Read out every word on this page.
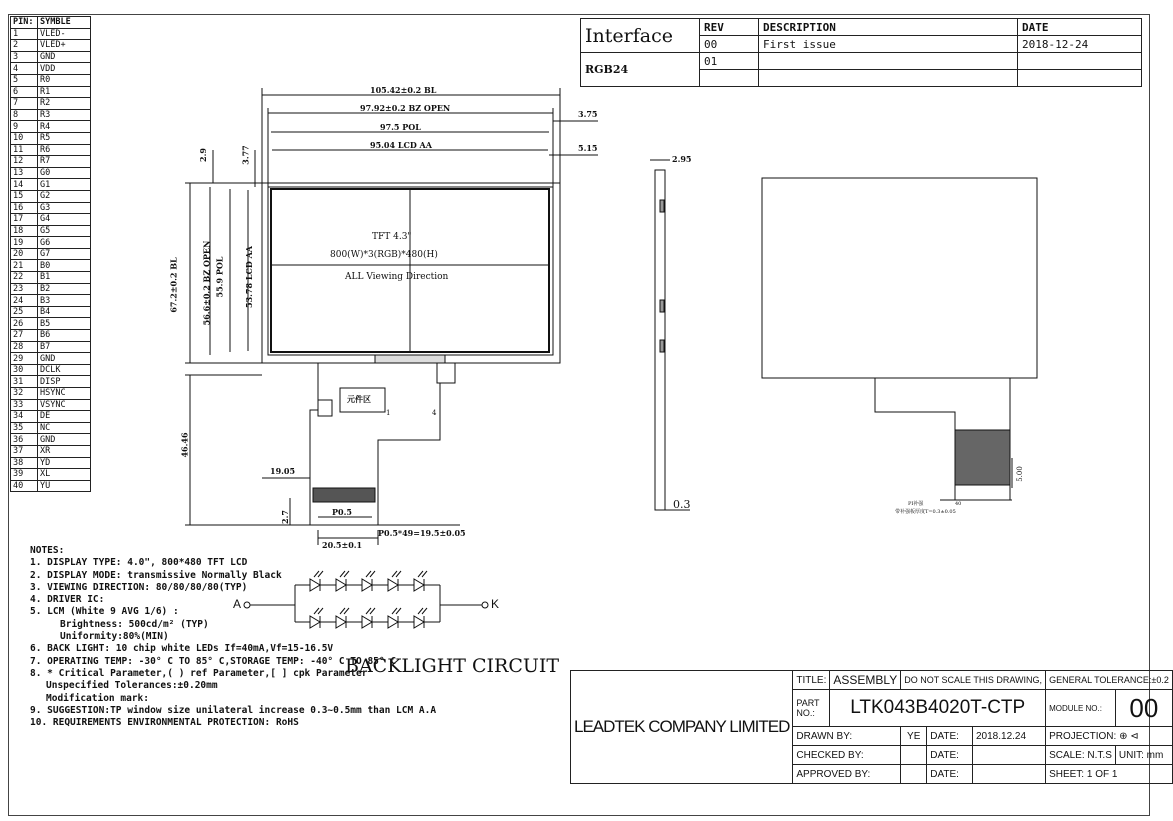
PIN:	SYMBLE
1	VLED-
2	VLED+
3	GND
4	VDD
5	R0
6	R1
7	R2
8	R3
9	R4
10	R5
11	R6
12	R7
13	G0
14	G1
15	G2
16	G3
17	G4
18	G5
19	G6
20	G7
21	B0
22	B1
23	B2
24	B3
25	B4
26	B5
27	B6
28	B7
29	GND
30	DCLK
31	DISP
32	HSYNC
33	VSYNC
34	DE
35	NC
36	GND
37	XR
38	YD
39	XL
40	YU
Interface	REV	DESCRIPTION	DATE
	00	First issue	2018-12-24
RGB24	01		

105.42±0.2 BL
97.92±0.2 BZ OPEN
97.5 POL
95.04 LCD AA
3.75
5.15
2.9	3.77
67.2±0.2 BL	56.6±0.2 BZ OPEN 55.9 POL 53.78 LCD AA
46.46
19.05
2.7	P0.5
P0.5*49=19.5±0.05
20.5±0.1
2.95
0.3
5.00
TFT 4.3"
800(W)*3(RGB)*480(H)
ALL Viewing Direction
元件区
1	4
PI补强
带补强板厚度T=0.3±0.05
40
NOTES:
1. DISPLAY TYPE: 4.0", 800*480 TFT LCD
2. DISPLAY MODE: transmissive Normally Black
3. VIEWING DIRECTION: 80/80/80/80(TYP)
4. DRIVER IC:
5. LCM (White 9 AVG 1/6) :
Brightness: 500cd/m² (TYP)
Uniformity:80%(MIN)
6. BACK LIGHT: 10 chip white LEDs If=40mA,Vf=15-16.5V
7. OPERATING TEMP: -30° C TO 85° C,STORAGE TEMP: -40° C TO 85° C
8. * Critical Parameter,( ) ref Parameter,[ ] cpk Parameter
Unspecified Tolerances:±0.20mm
Modification mark:
9. SUGGESTION:TP window size unilateral increase 0.3~0.5mm than LCM A.A
10. REQUIREMENTS ENVIRONMENTAL PROTECTION: RoHS
BACKLIGHT CIRCUIT
A	K
LEADTEK COMPANY LIMITED	TITLE:	ASSEMBLY	DO NOT SCALE THIS DRAWING,			GENERAL TOLERANCE:±0.2	
	PART NO.:	LTK043B4020T-CTP				MODULE NO.:	00
	DRAWN BY:		YE	DATE:	2018.12.24	PROJECTION: ⊕ ⊲	
	CHECKED BY:			DATE:		SCALE: N.T.S	UNIT: mm
	APPROVED BY:			DATE:		SHEET: 1 OF 1	
